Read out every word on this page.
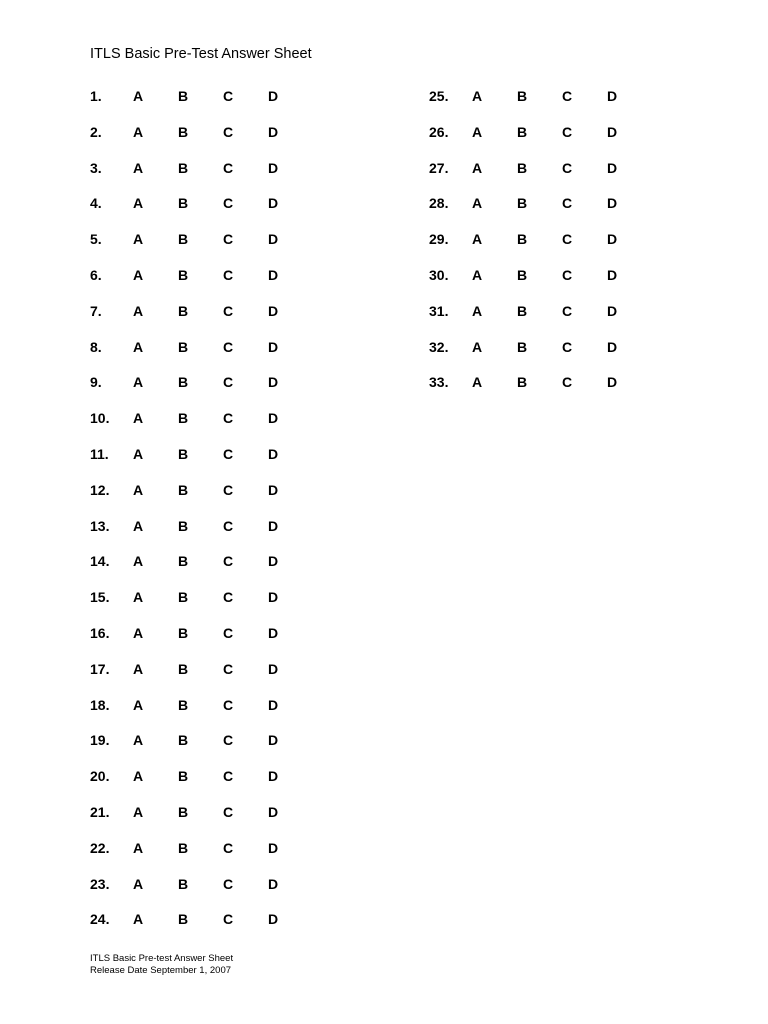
ITLS Basic Pre-Test Answer Sheet
1. A B C D
2. A B C D
3. A B C D
4. A B C D
5. A B C D
6. A B C D
7. A B C D
8. A B C D
9. A B C D
10. A B C D
11. A B C D
12. A B C D
13. A B C D
14. A B C D
15. A B C D
16. A B C D
17. A B C D
18. A B C D
19. A B C D
20. A B C D
21. A B C D
22. A B C D
23. A B C D
24. A B C D
25. A B C D
26. A B C D
27. A B C D
28. A B C D
29. A B C D
30. A B C D
31. A B C D
32. A B C D
33. A B C D
ITLS Basic Pre-test Answer Sheet
Release Date September 1, 2007
